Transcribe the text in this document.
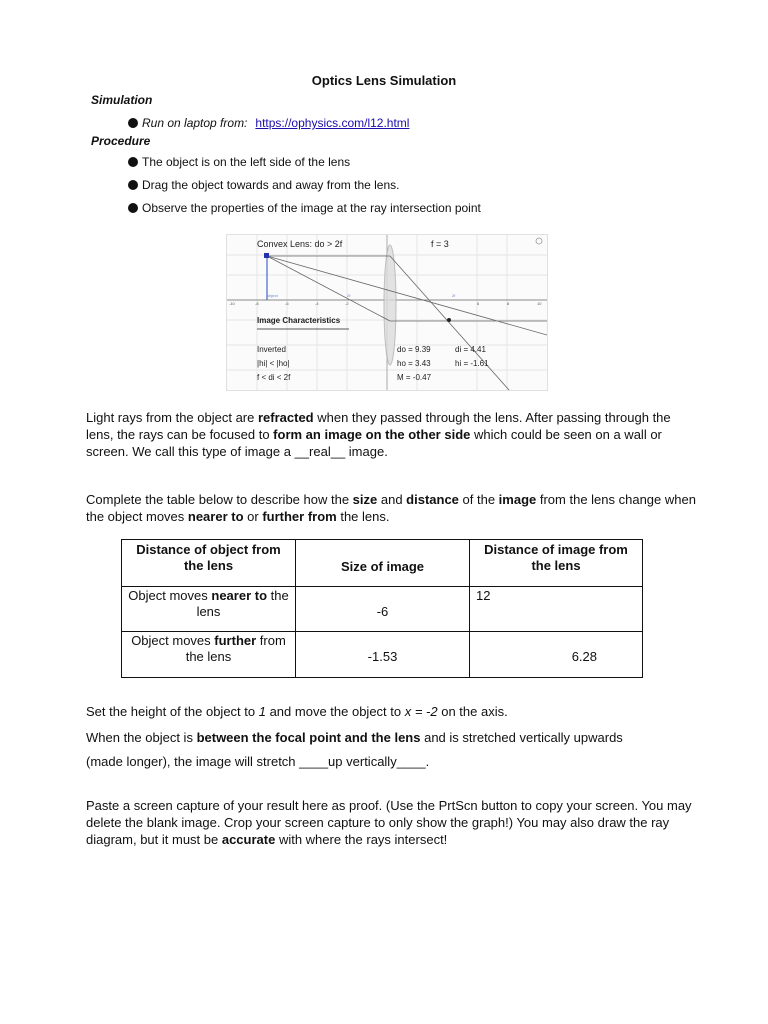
Optics Lens Simulation
Simulation
Run on laptop from: https://ophysics.com/l12.html
Procedure
The object is on the left side of the lens
Drag the object towards and away from the lens.
Observe the properties of the image at the ray intersection point
object	2f	2f
-10	-8	-6	-4	-2	6	8	10
Convex Lens: do > 2f	f = 3
Image Characteristics
Inverted
|hi| < |ho|
f < di < 2f
do = 9.39
ho = 3.43
M = -0.47
di = 4.41
hi = -1.61
Light rays from the object are refracted when they passed through the lens. After passing through the lens, the rays can be focused to form an image on the other side which could be seen on a wall or screen. We call this type of image a __real__ image.
Complete the table below to describe how the size and distance of the image from the lens change when the object moves nearer to or further from the lens.
Distance of object from the lens	Size of image	Distance of image from the lens

Object moves nearer to the lens	-6	12

Object moves further from the lens	-1.53	6.28
Set the height of the object to 1 and move the object to x = -2 on the axis.
When the object is between the focal point and the lens and is stretched vertically upwards
(made longer), the image will stretch ____up vertically____.
Paste a screen capture of your result here as proof. (Use the PrtScn button to copy your screen. You may delete the blank image. Crop your screen capture to only show the graph!) You may also draw the ray diagram, but it must be accurate with where the rays intersect!
